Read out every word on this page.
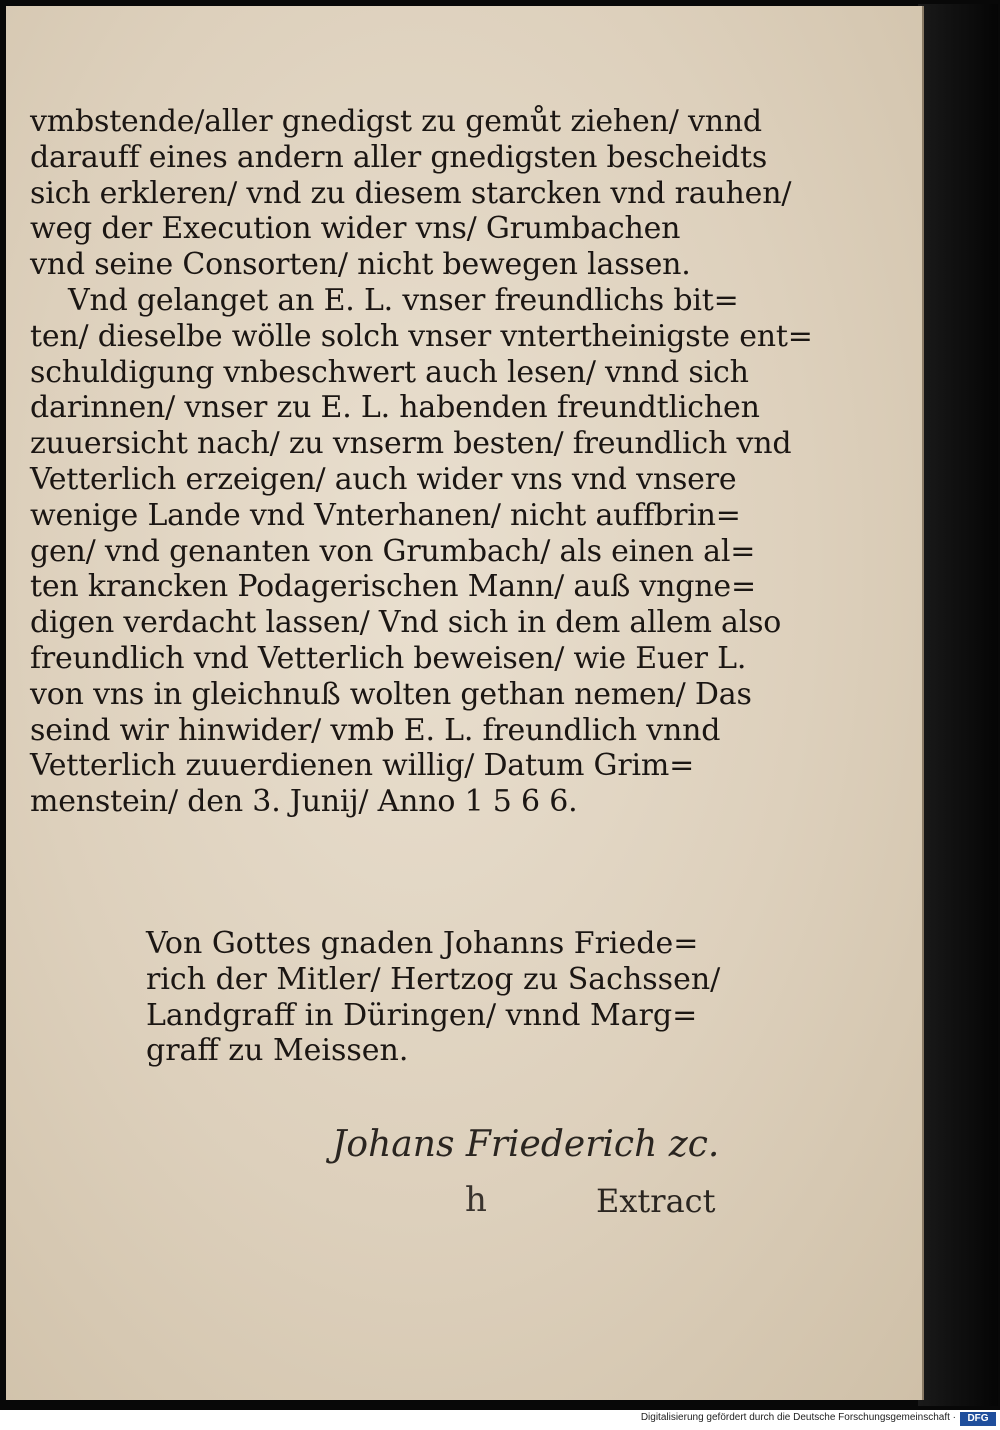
vmbstende/aller gnedigst zu gemůt ziehen/ vnnd
darauff eines andern aller gnedigsten bescheidts
sich erkleren/ vnd zu diesem starcken vnd rauhen/
weg der Execution wider vns/ Grumbachen
vnd seine Consorten/ nicht bewegen lassen.
Vnd gelanget an E. L. vnser freundlichs bit=
ten/ dieselbe wölle solch vnser vntertheinigste ent=
schuldigung vnbeschwert auch lesen/ vnnd sich
darinnen/ vnser zu E. L. habenden freundtlichen
zuuersicht nach/ zu vnserm besten/ freundlich vnd
Vetterlich erzeigen/ auch wider vns vnd vnsere
wenige Lande vnd Vnterhanen/ nicht auffbrin=
gen/ vnd genanten von Grumbach/ als einen al=
ten krancken Podagerischen Mann/ auß vngne=
digen verdacht lassen/ Vnd sich in dem allem also
freundlich vnd Vetterlich beweisen/ wie Euer L.
von vns in gleichnuß wolten gethan nemen/ Das
seind wir hinwider/ vmb E. L. freundlich vnnd
Vetterlich zuuerdienen willig/ Datum Grim=
menstein/ den 3. Junij/ Anno 1 5 6 6.
Von Gottes gnaden Johanns Friede=
rich der Mitler/ Hertzog zu Sachssen/
Landgraff in Düringen/ vnnd Marg=
graff zu Meissen.
Johans Friederich zc.
h	Extract
Digitalisierung gefördert durch die Deutsche Forschungsgemeinschaft ·	DFG
